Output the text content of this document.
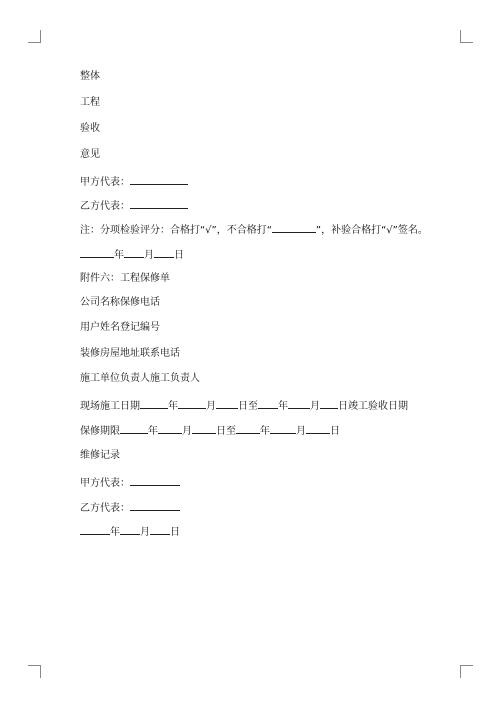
整体
工程
验收
意见
甲方代表：
乙方代表：
注：分项检验评分：合格打“√”，不合格打“	”，补验合格打“√”签名。
年 月 日
附件六：工程保修单
公司名称保修电话
用户姓名登记编号
装修房屋地址联系电话
施工单位负责人施工负责人
现场施工日期	年	月 日至 年 月 日竣工验收日期
保修期限	年 月 日至 年	月 日
维修记录
甲方代表：
乙方代表：
年 月 日
